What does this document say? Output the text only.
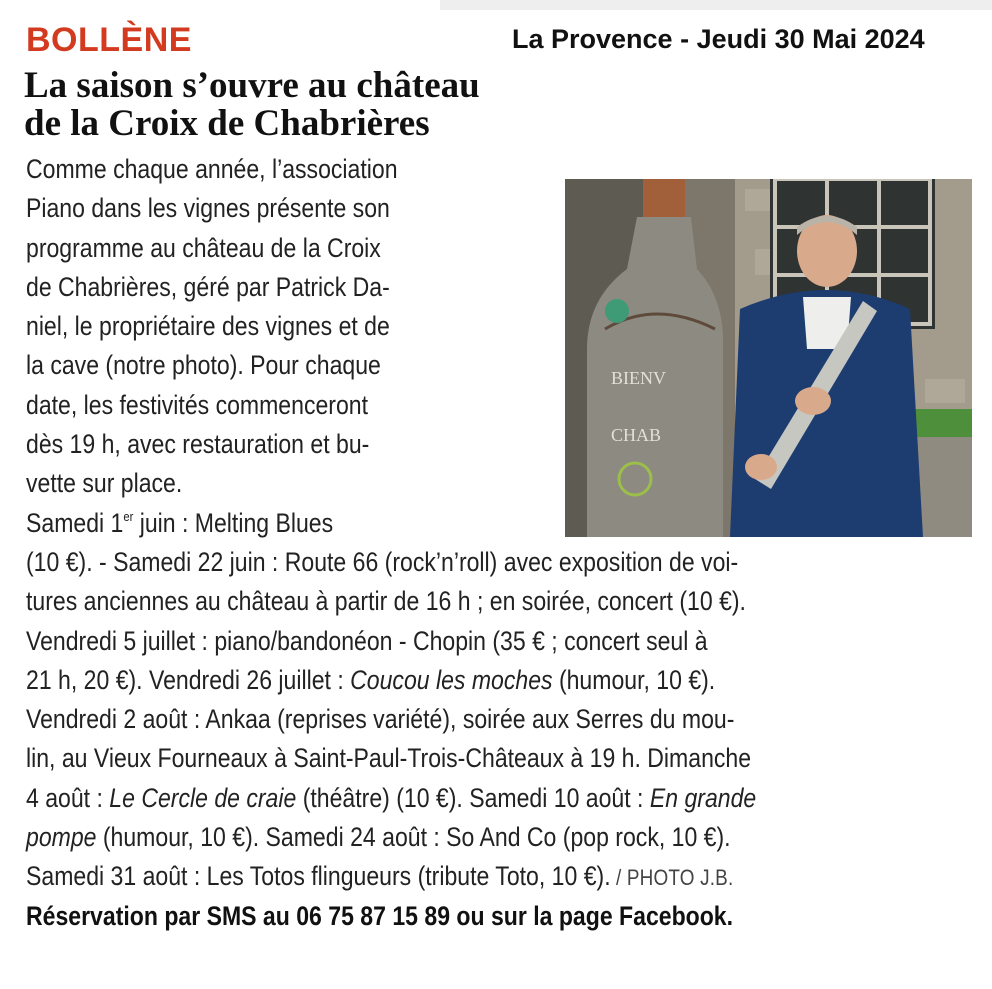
BOLLÈNE	La Provence - Jeudi 30 Mai 2024
La saison s’ouvre au château
de la Croix de Chabrières
Comme chaque année, l’association
Piano dans les vignes présente son
programme au château de la Croix
de Chabrières, géré par Patrick Da-
niel, le propriétaire des vignes et de
la cave (notre photo). Pour chaque
date, les festivités commenceront
dès 19 h, avec restauration et bu-
vette sur place.
Samedi 1er juin : Melting Blues
(10 €). - Samedi 22 juin : Route 66 (rock’n’roll) avec exposition de voi-
tures anciennes au château à partir de 16 h ; en soirée, concert (10 €).
Vendredi 5 juillet : piano/bandonéon - Chopin (35 € ; concert seul à
21 h, 20 €). Vendredi 26 juillet : Coucou les moches (humour, 10 €).
Vendredi 2 août : Ankaa (reprises variété), soirée aux Serres du mou-
lin, au Vieux Fourneaux à Saint-Paul-Trois-Châteaux à 19 h. Dimanche
4 août : Le Cercle de craie (théâtre) (10 €). Samedi 10 août : En grande
pompe (humour, 10 €). Samedi 24 août : So And Co (pop rock, 10 €).
Samedi 31 août : Les Totos flingueurs (tribute Toto, 10 €). / PHOTO J.B.
Réservation par SMS au 06 75 87 15 89 ou sur la page Facebook.
BIENV
CHAB
